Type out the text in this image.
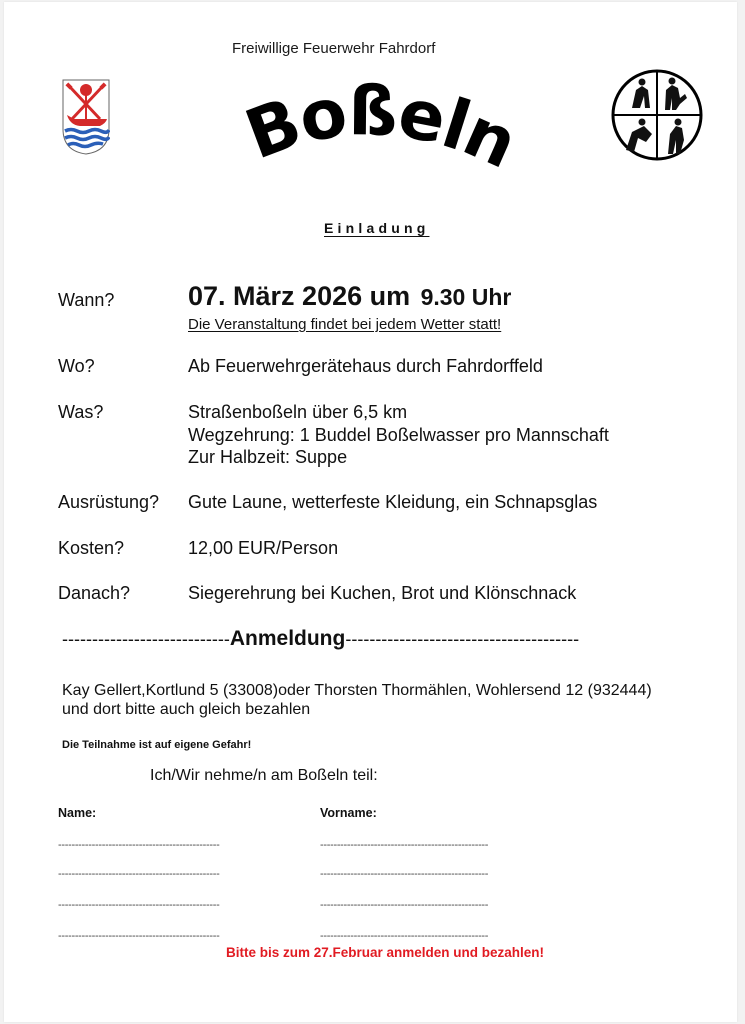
Freiwillige Feuerwehr Fahrdorf
Boßeln
Einladung
Wann?	07. März 2026 um 9.30 Uhr
Die Veranstaltung findet bei jedem Wetter statt!
Wo?	Ab Feuerwehrgerätehaus durch Fahrdorffeld
Was?	Straßenboßeln über 6,5 km
Wegzehrung: 1 Buddel Boßelwasser pro Mannschaft
Zur Halbzeit: Suppe
Ausrüstung? Gute Laune, wetterfeste Kleidung, ein Schnapsglas
Kosten?	12,00 EUR/Person
Danach?	Siegerehrung bei Kuchen, Brot und Klönschnack
----------------------------Anmeldung---------------------------------------
Kay Gellert,Kortlund 5 (33008)oder Thorsten Thormählen, Wohlersend 12 (932444)
und dort bitte auch gleich bezahlen
Die Teilnahme ist auf eigene Gefahr!
Ich/Wir nehme/n am Boßeln teil:
Name:	Vorname:
------------------------------------------------	--------------------------------------------------
------------------------------------------------	--------------------------------------------------
------------------------------------------------	--------------------------------------------------
------------------------------------------------	--------------------------------------------------
Bitte bis zum 27.Februar anmelden und bezahlen!
